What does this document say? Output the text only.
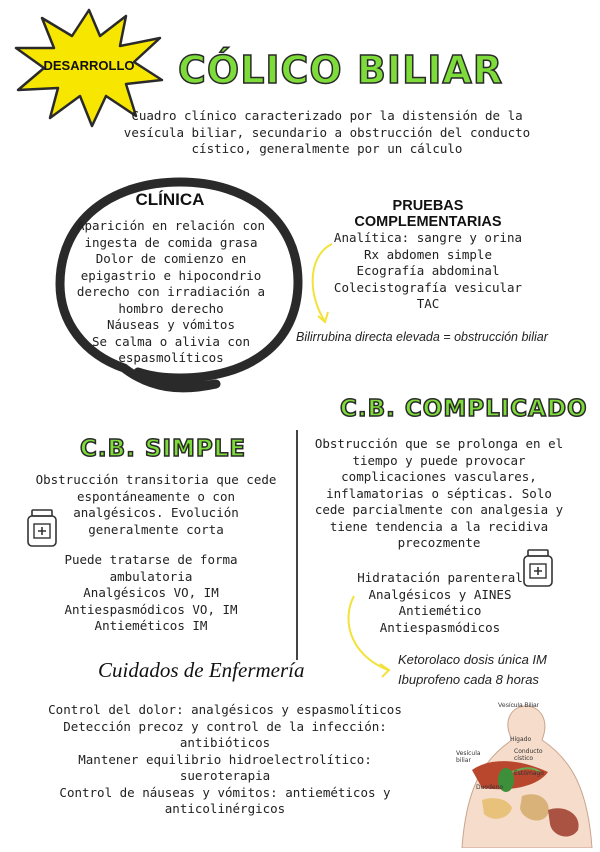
DESARROLLO	CÓLICO BILIAR
Cuadro clínico caracterizado por la distensión de la
vesícula biliar, secundario a obstrucción del conducto
cístico, generalmente por un cálculo
CLÍNICA
Aparición en relación con
ingesta de comida grasa
Dolor de comienzo en
epigastrio e hipocondrio
derecho con irradiación a
hombro derecho
Náuseas y vómitos
Se calma o alivia con
espasmolíticos
PRUEBAS COMPLEMENTARIAS
Analítica: sangre y orina
Rx abdomen simple
Ecografía abdominal
Colecistografía vesicular
TAC
Bilirrubina directa elevada = obstrucción biliar
C.B. COMPLICADO
Obstrucción que se prolonga en el
tiempo y puede provocar
complicaciones vasculares,
inflamatorias o sépticas. Solo
cede parcialmente con analgesia y
tiene tendencia a la recidiva
precozmente
Hidratación parenteral
Analgésicos y AINES
Antiemético
Antiespasmódicos
Ketorolaco dosis única IM
Ibuprofeno cada 8 horas
C.B. SIMPLE
Obstrucción transitoria que cede
espontáneamente o con
analgésicos. Evolución
generalmente corta
Puede tratarse de forma
ambulatoria
Analgésicos VO, IM
Antiespasmódicos VO, IM
Antieméticos IM
Cuidados de Enfermería
Control del dolor: analgésicos y espasmolíticos
Detección precoz y control de la infección:
antibióticos
Mantener equilibrio hidroelectrolítico:
sueroterapia
Control de náuseas y vómitos: antieméticos y
anticolinérgicos
Vesícula Biliar
Hígado
Conducto cístico
Estómago
Vesícula biliar
Duodeno
